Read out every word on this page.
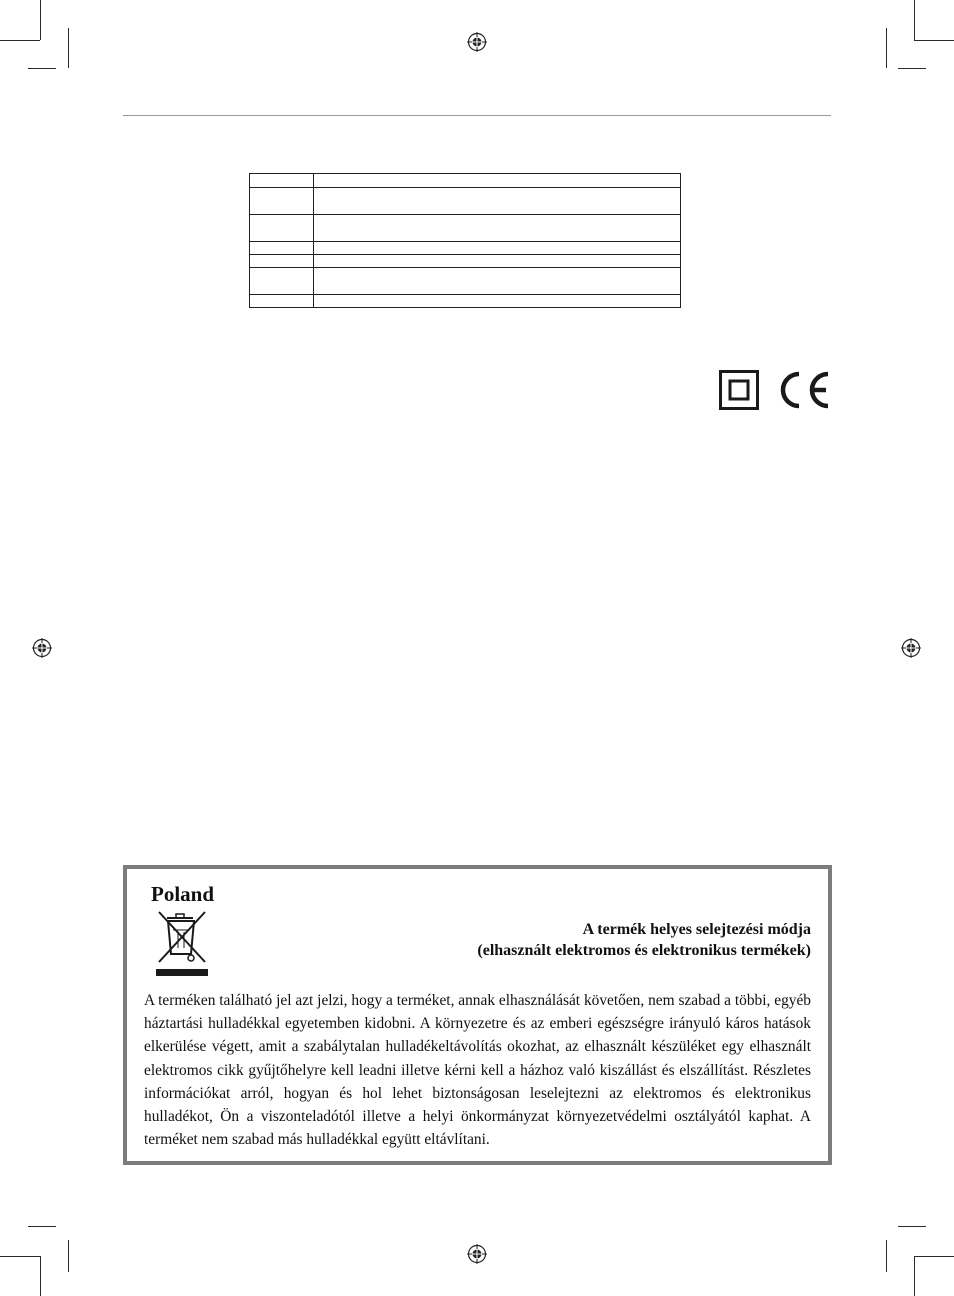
Poland
A termék helyes selejtezési módja
(elhasznált elektromos és elektronikus termékek)
A terméken található jel azt jelzi, hogy a terméket, annak elhasználását követően, nem szabad a többi, egyéb háztartási hulladékkal egyetemben kidobni. A környezetre és az emberi egészségre irányuló káros hatások elkerülése végett, amit a szabálytalan hulladékeltávolítás okozhat, az elhasznált készüléket egy elhasznált elektromos cikk gyűjtőhelyre kell leadni illetve kérni kell a házhoz való kiszállást és elszállítást. Részletes információkat arról, hogyan és hol lehet biztonságosan leselejtezni az elektromos és elektronikus hulladékot, Ön a viszonteladótól illetve a helyi önkormányzat környezetvédelmi osztályától kaphat. A terméket nem szabad más hulladékkal együtt eltávlítani.
